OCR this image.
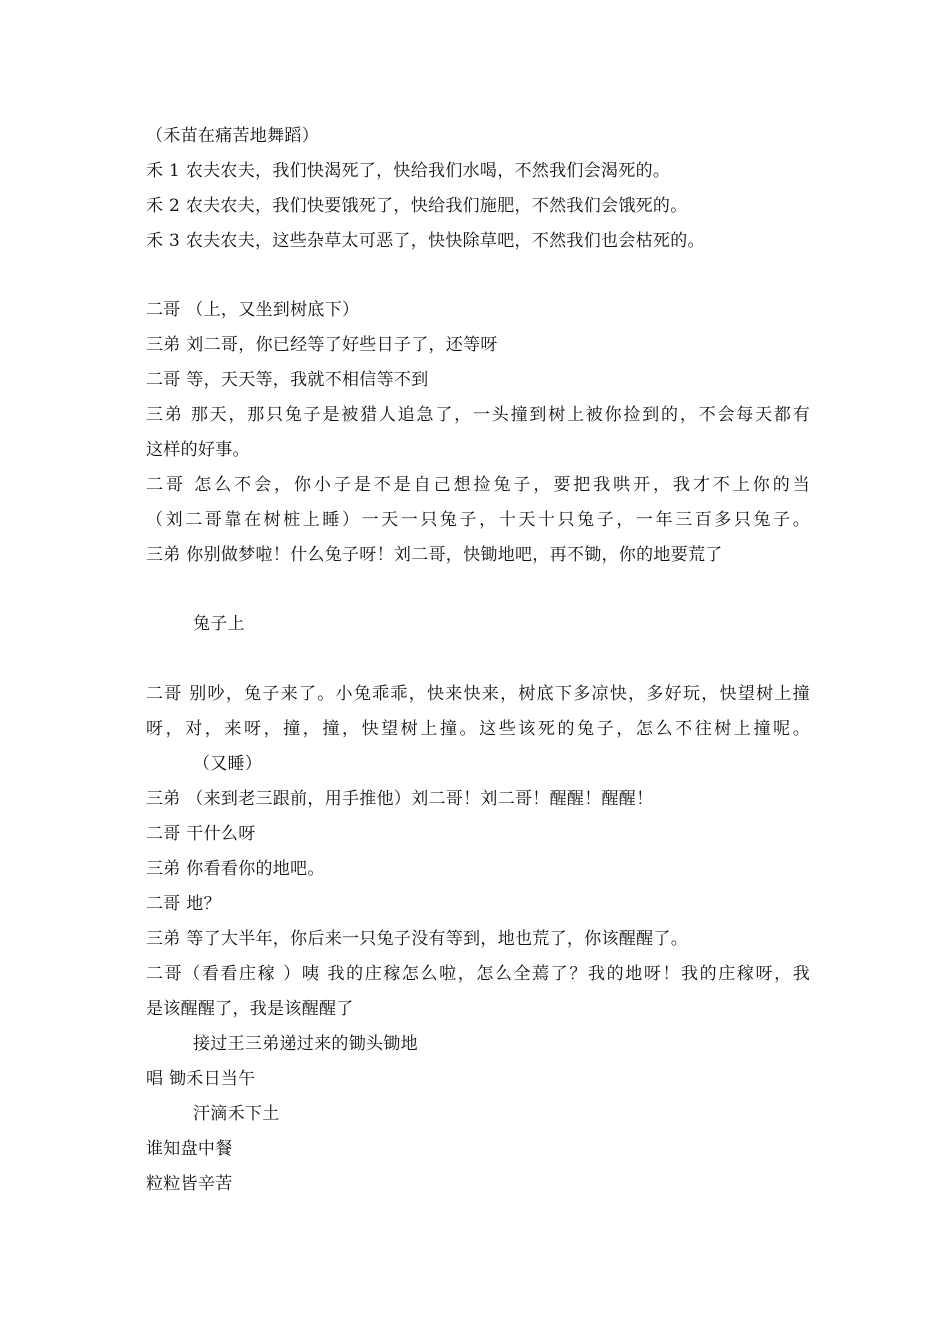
（禾苗在痛苦地舞蹈）
禾 1 农夫农夫，我们快渴死了，快给我们水喝，不然我们会渴死的。
禾 2 农夫农夫，我们快要饿死了，快给我们施肥，不然我们会饿死的。
禾 3 农夫农夫，这些杂草太可恶了，快快除草吧，不然我们也会枯死的。
二哥 （上，又坐到树底下）
三弟 刘二哥，你已经等了好些日子了，还等呀
二哥 等，天天等，我就不相信等不到
三弟 那天，那只兔子是被猎人追急了，一头撞到树上被你捡到的，不会每天都有
这样的好事。
二哥 怎么不会，你小子是不是自己想捡兔子，要把我哄开，我才不上你的当
（刘二哥靠在树桩上睡）一天一只兔子，十天十只兔子，一年三百多只兔子。
三弟 你别做梦啦！什么兔子呀！刘二哥，快锄地吧，再不锄，你的地要荒了
兔子上
二哥 别吵，兔子来了。小兔乖乖，快来快来，树底下多凉快，多好玩，快望树上撞
呀，对，来呀，撞，撞，快望树上撞。这些该死的兔子，怎么不往树上撞呢。
（又睡）
三弟 （来到老三跟前，用手推他）刘二哥！刘二哥！醒醒！醒醒！
二哥 干什么呀
三弟 你看看你的地吧。
二哥 地？
三弟 等了大半年，你后来一只兔子没有等到，地也荒了，你该醒醒了。
二哥（看看庄稼 ）咦 我的庄稼怎么啦，怎么全蔫了？我的地呀！我的庄稼呀，我
是该醒醒了，我是该醒醒了
接过王三弟递过来的锄头锄地
唱 锄禾日当午
汗滴禾下土
谁知盘中餐
粒粒皆辛苦
